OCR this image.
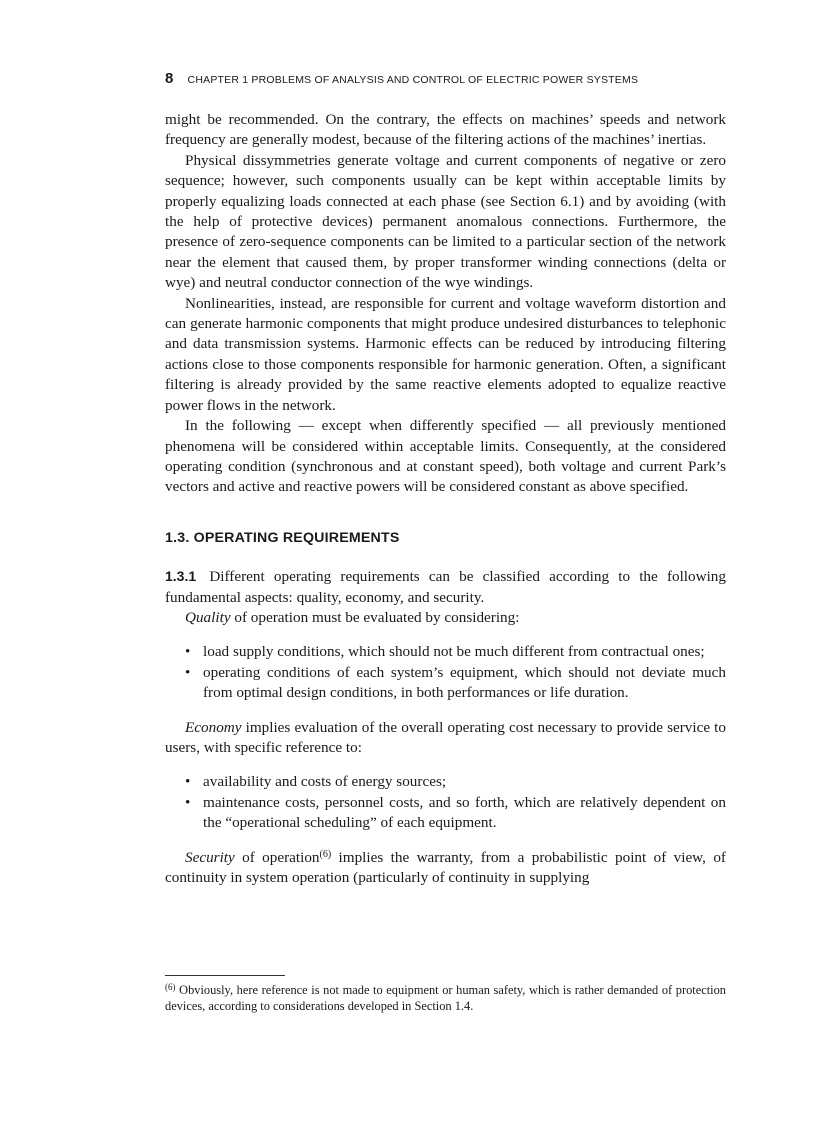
8 CHAPTER 1 PROBLEMS OF ANALYSIS AND CONTROL OF ELECTRIC POWER SYSTEMS

might be recommended. On the contrary, the effects on machines’ speeds and network frequency are generally modest, because of the filtering actions of the machines’ inertias.

Physical dissymmetries generate voltage and current components of negative or zero sequence; however, such components usually can be kept within acceptable limits by properly equalizing loads connected at each phase (see Section 6.1) and by avoiding (with the help of protective devices) permanent anomalous connections. Furthermore, the presence of zero-sequence components can be limited to a particular section of the network near the element that caused them, by proper transformer winding connections (delta or wye) and neutral conductor connection of the wye windings.

Nonlinearities, instead, are responsible for current and voltage waveform distortion and can generate harmonic components that might produce undesired disturbances to telephonic and data transmission systems. Harmonic effects can be reduced by introducing filtering actions close to those components responsible for harmonic generation. Often, a significant filtering is already provided by the same reactive elements adopted to equalize reactive power flows in the network.

In the following — except when differently specified — all previously mentioned phenomena will be considered within acceptable limits. Consequently, at the considered operating condition (synchronous and at constant speed), both voltage and current Park’s vectors and active and reactive powers will be considered constant as above specified.

1.3. OPERATING REQUIREMENTS

1.3.1 Different operating requirements can be classified according to the following fundamental aspects: quality, economy, and security.

Quality of operation must be evaluated by considering:

• load supply conditions, which should not be much different from contractual ones;
• operating conditions of each system’s equipment, which should not deviate much from optimal design conditions, in both performances or life duration.

Economy implies evaluation of the overall operating cost necessary to provide service to users, with specific reference to:

• availability and costs of energy sources;
• maintenance costs, personnel costs, and so forth, which are relatively dependent on the “operational scheduling” of each equipment.

Security of operation$^{(6)}$ implies the warranty, from a probabilistic point of view, of continuity in system operation (particularly of continuity in supplying

$^{(6)}$ Obviously, here reference is not made to equipment or human safety, which is rather demanded of protection devices, according to considerations developed in Section 1.4.
